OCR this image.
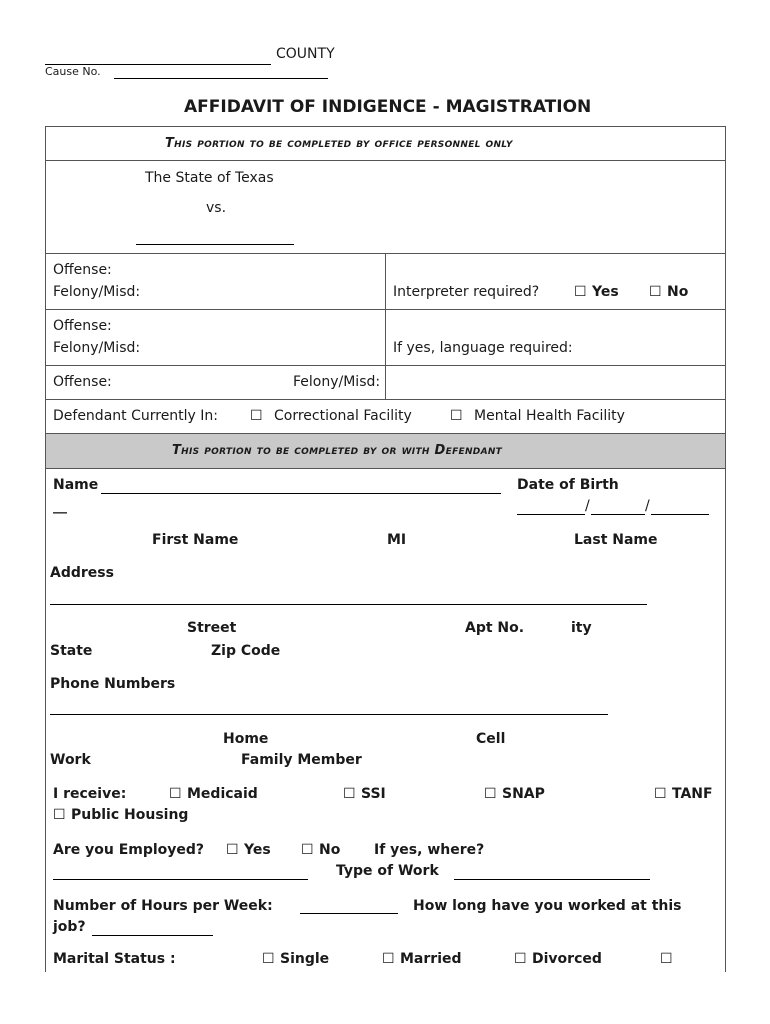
COUNTY
Cause No.
AFFIDAVIT OF INDIGENCE - MAGISTRATION
This portion to be completed by office personnel only
The State of Texas
vs.
Offense:
Felony/Misd:	Interpreter required? ☐ Yes ☐ No
Offense:
Felony/Misd:	If yes, language required:
Offense:	Felony/Misd:
Defendant Currently In: ☐ Correctional Facility	☐ Mental Health Facility
This portion to be completed by or with Defendant
Name	Date of Birth
__	/	/
First Name	MI	Last Name
Address
Street	Apt No.	ity
State	Zip Code
Phone Numbers
Home	Cell
Work	Family Member
I receive:	☐ Medicaid	☐ SSI	☐ SNAP	☐ TANF
☐ Public Housing
Are you Employed? ☐ Yes ☐ No If yes, where?
Type of Work
Number of Hours per Week:	How long have you worked at this
job?
Marital Status :	☐ Single	☐ Married	☐ Divorced	☐
